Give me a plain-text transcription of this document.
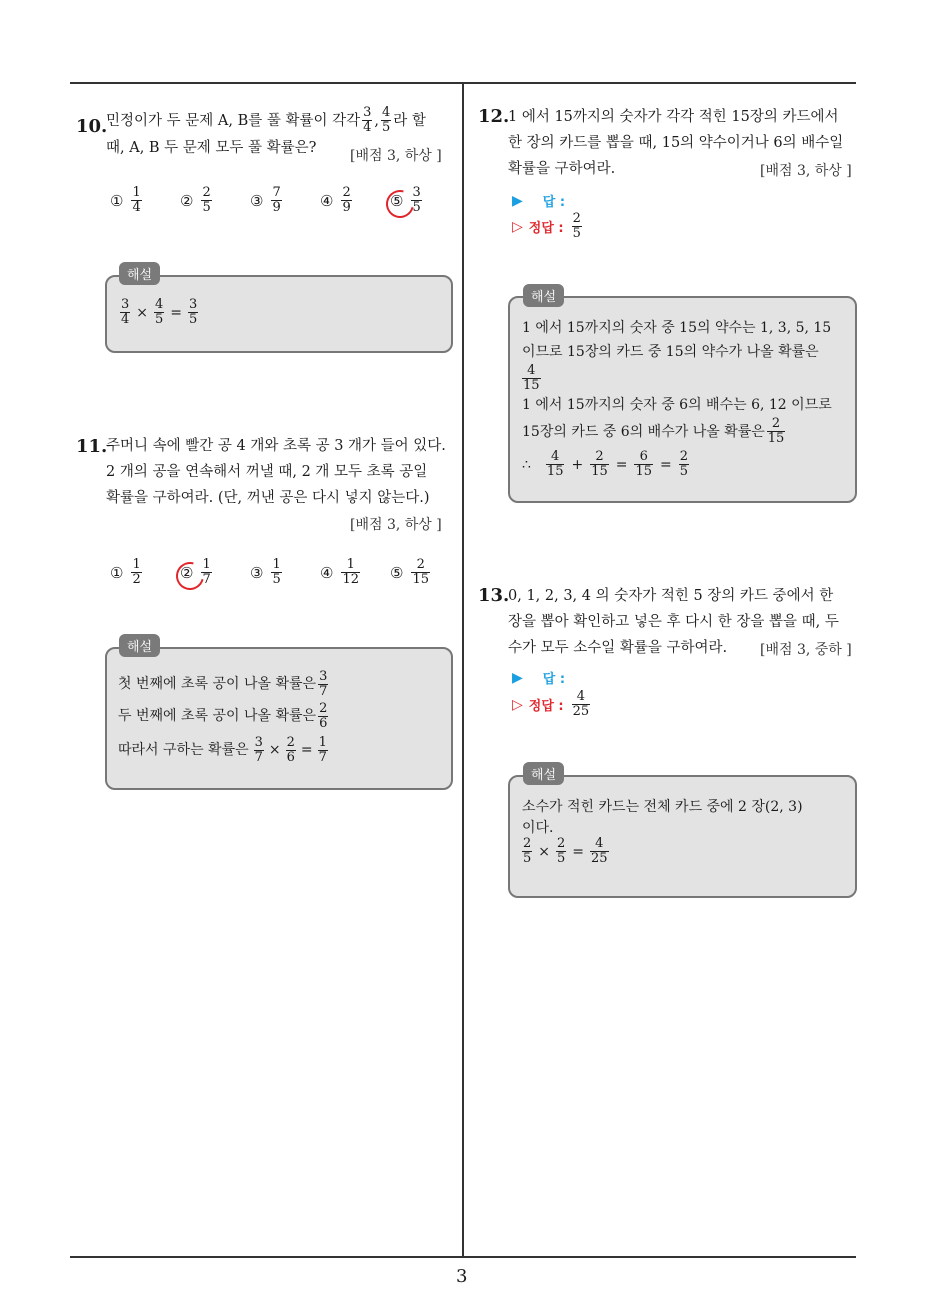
3
10.
민정이가 두 문제 A, B를 풀 확률이 각각 $\frac{3}{4}$ , $\frac{4}{5}$ 라 할
때, A, B 두 문제 모두 풀 확률은?	[배점 3, 하상 ]
① $\frac{1}{4}$	② $\frac{2}{5}$	③ $\frac{7}{9}$	④ $\frac{2}{9}$	⑤ $\frac{3}{5}$
해설
$\frac{3}{4} \times \frac{4}{5} = \frac{3}{5}$
11.
주머니 속에 빨간 공 4 개와 초록 공 3 개가 들어 있다.
2 개의 공을 연속해서 꺼낼 때, 2 개 모두 초록 공일
확률을 구하여라. (단, 꺼낸 공은 다시 넣지 않는다.)
[배점 3, 하상 ]
① $\frac{1}{2}$	② $\frac{1}{7}$	③ $\frac{1}{5}$	④ $\frac{1}{12}$ ⑤ $\frac{2}{15}$
해설
첫 번째에 초록 공이 나올 확률은 $\frac{3}{7}$
두 번째에 초록 공이 나올 확률은 $\frac{2}{6}$
따라서 구하는 확률은 $\frac{3}{7} \times \frac{2}{6} = \frac{1}{7}$
12.
1 에서 15까지의 숫자가 각각 적힌 15장의 카드에서
한 장의 카드를 뽑을 때, 15의 약수이거나 6의 배수일
확률을 구하여라.	[배점 3, 하상 ]
▶ 답 :
▷ 정답 : $\frac{2}{5}$
해설
1 에서 15까지의 숫자 중 15의 약수는 1, 3, 5, 15
이므로 15장의 카드 중 15의 약수가 나올 확률은
$\frac{4}{15}$
1 에서 15까지의 숫자 중 6의 배수는 6, 12 이므로
15장의 카드 중 6의 배수가 나올 확률은 $\frac{2}{15}$
∴ $\frac{4}{15} + \frac{2}{15} = \frac{6}{15} = \frac{2}{5}$
13.
0, 1, 2, 3, 4 의 숫자가 적힌 5 장의 카드 중에서 한
장을 뽑아 확인하고 넣은 후 다시 한 장을 뽑을 때, 두
수가 모두 소수일 확률을 구하여라.	[배점 3, 중하 ]
▶ 답 :
▷ 정답 : $\frac{4}{25}$
해설
소수가 적힌 카드는 전체 카드 중에 2 장(2, 3)
이다.
$\frac{2}{5} \times \frac{2}{5} = \frac{4}{25}$
